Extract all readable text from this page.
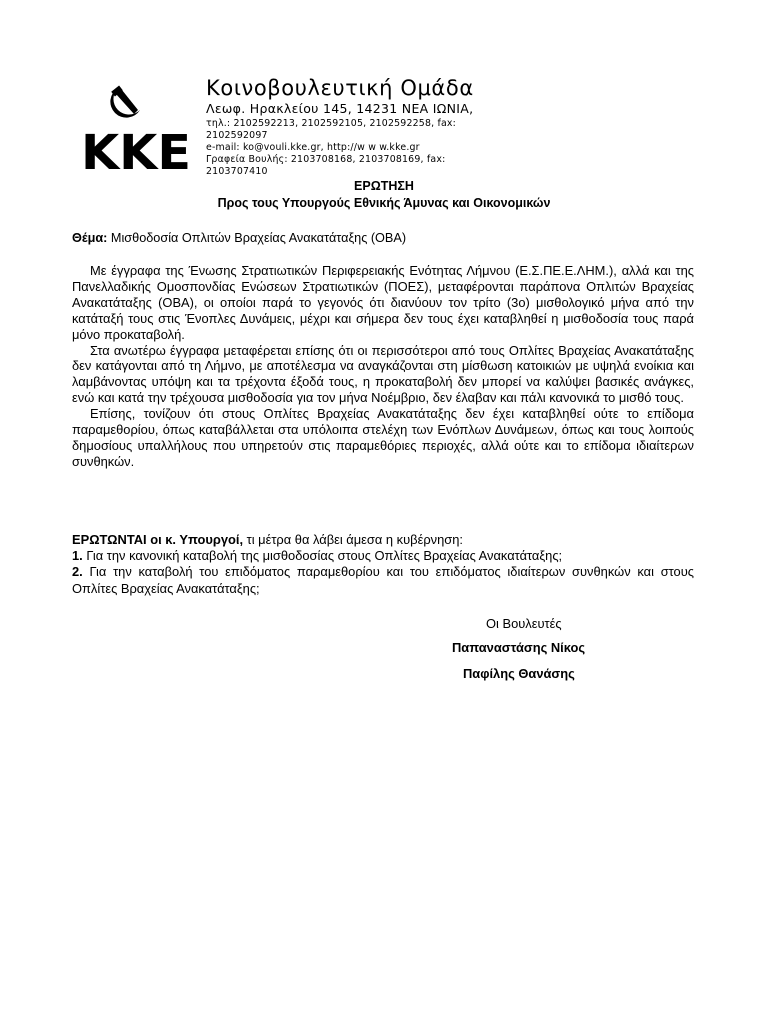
KKE
Κοινοβουλευτική Ομάδα
Λεωφ. Ηρακλείου 145, 14231 ΝΕΑ ΙΩΝΙΑ,
τηλ.: 2102592213, 2102592105, 2102592258, fax:
2102592097
e-mail: ko@vouli.kke.gr, http://w w w.kke.gr
Γραφεία Βουλής: 2103708168, 2103708169, fax:
2103707410
ΕΡΩΤΗΣΗ
Προς τους Υπουργούς Εθνικής Άμυνας και Οικονομικών
Θέμα: Μισθοδοσία Οπλιτών Βραχείας Ανακατάταξης (ΟΒΑ)

Με έγγραφα της Ένωσης Στρατιωτικών Περιφερειακής Ενότητας Λήμνου (Ε.Σ.ΠΕ.Ε.ΛΗΜ.), αλλά και της Πανελλαδικής Ομοσπονδίας Ενώσεων Στρατιωτικών (ΠΟΕΣ), μεταφέρονται παράπονα Οπλιτών Βραχείας Ανακατάταξης (ΟΒΑ), οι οποίοι παρά το γεγονός ότι διανύουν τον τρίτο (3ο) μισθολογικό μήνα από την κατάταξή τους στις Ένοπλες Δυνάμεις, μέχρι και σήμερα δεν τους έχει καταβληθεί η μισθοδοσία τους παρά μόνο προκαταβολή.

Στα ανωτέρω έγγραφα μεταφέρεται επίσης ότι οι περισσότεροι από τους Οπλίτες Βραχείας Ανακατάταξης δεν κατάγονται από τη Λήμνο, με αποτέλεσμα να αναγκάζονται στη μίσθωση κατοικιών με υψηλά ενοίκια και λαμβάνοντας υπόψη και τα τρέχοντα έξοδά τους, η προκαταβολή δεν μπορεί να καλύψει βασικές ανάγκες, ενώ και κατά την τρέχουσα μισθοδοσία για τον μήνα Νοέμβριο, δεν έλαβαν και πάλι κανονικά το μισθό τους.

Επίσης, τονίζουν ότι στους Οπλίτες Βραχείας Ανακατάταξης δεν έχει καταβληθεί ούτε το επίδομα παραμεθορίου, όπως καταβάλλεται στα υπόλοιπα στελέχη των Ενόπλων Δυνάμεων, όπως και τους λοιπούς δημοσίους υπαλλήλους που υπηρετούν στις παραμεθόριες περιοχές, αλλά ούτε και το επίδομα ιδιαίτερων συνθηκών.

ΕΡΩΤΩΝΤΑΙ οι κ. Υπουργοί, τι μέτρα θα λάβει άμεσα η κυβέρνηση:

1. Για την κανονική καταβολή της μισθοδοσίας στους Οπλίτες Βραχείας Ανακατάταξης;

2. Για την καταβολή του επιδόματος παραμεθορίου και του επιδόματος ιδιαίτερων συνθηκών και στους Οπλίτες Βραχείας Ανακατάταξης;

Οι Βουλευτές
Παπαναστάσης Νίκος
Παφίλης Θανάσης
